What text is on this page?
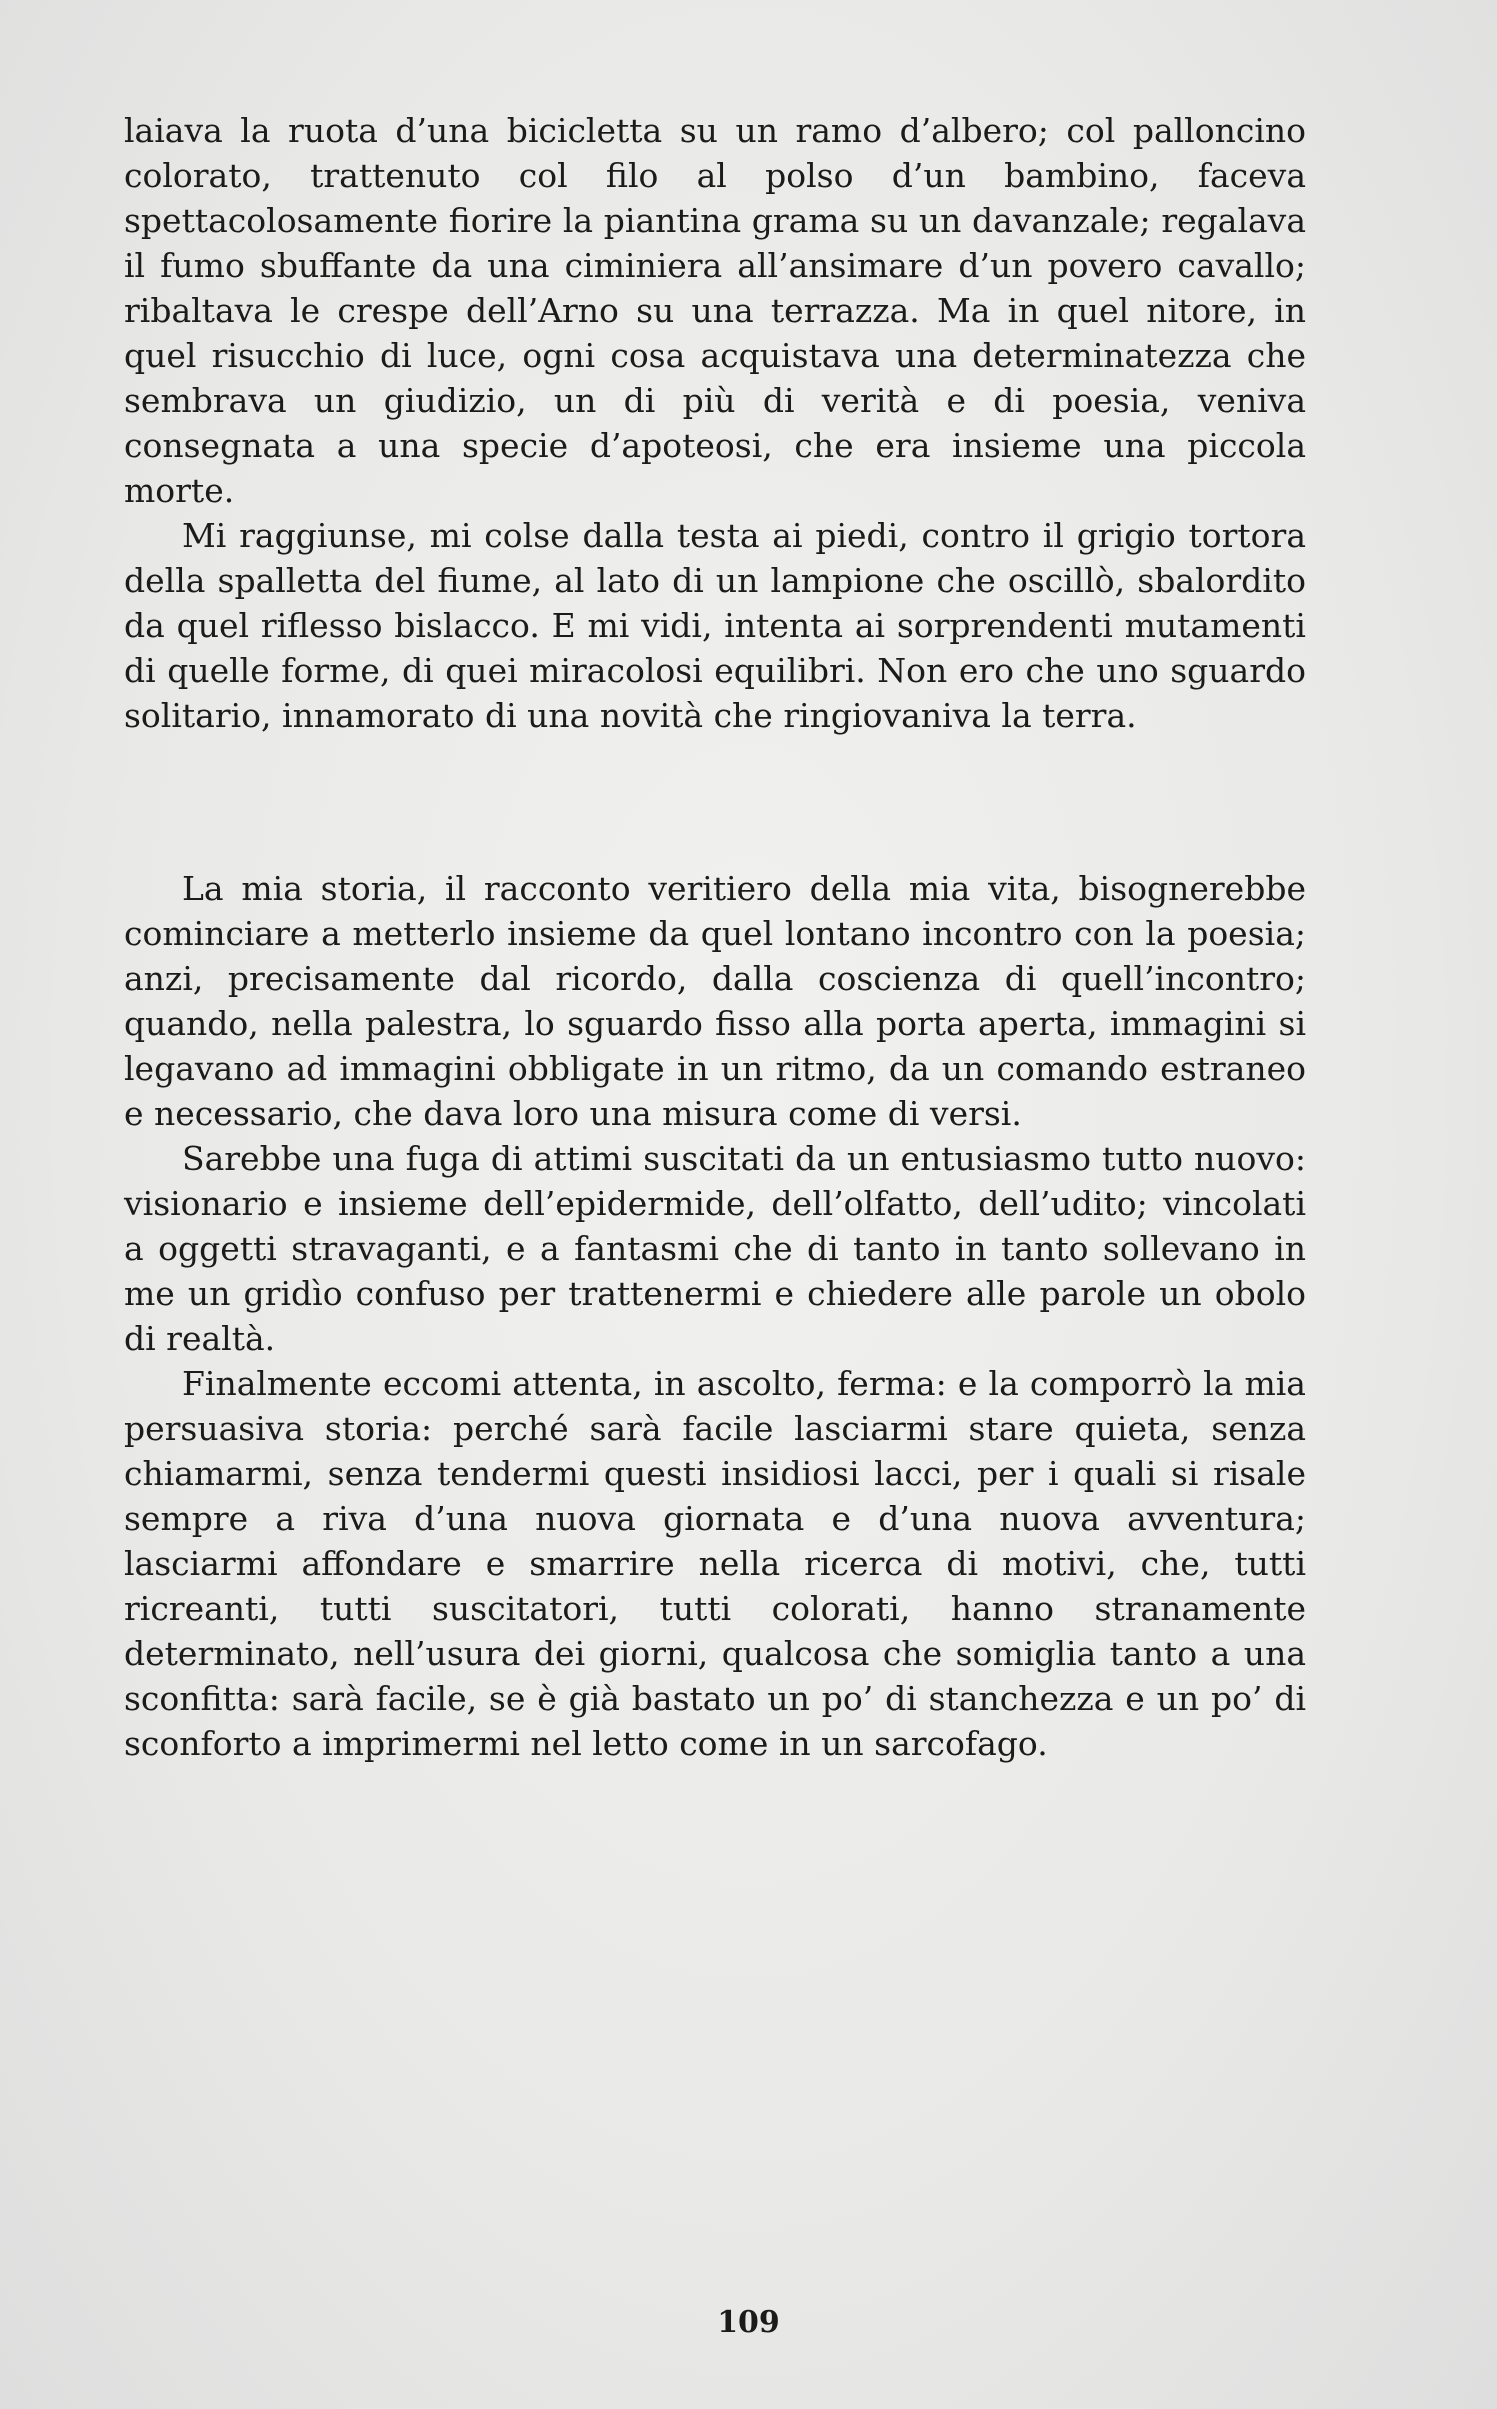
laiava la ruota d’una bicicletta su un ramo d’albero; col palloncino colorato, trattenuto col filo al polso d’un bambino, faceva spettacolosamente fiorire la piantina grama su un davanzale; regalava il fumo sbuffante da una ciminiera all’ansimare d’un povero cavallo; ribaltava le crespe dell’Arno su una terrazza. Ma in quel nitore, in quel risucchio di luce, ogni cosa acquistava una determinatezza che sembrava un giudizio, un di più di verità e di poesia, veniva consegnata a una specie d’apoteosi, che era insieme una piccola morte.

Mi raggiunse, mi colse dalla testa ai piedi, contro il grigio tortora della spalletta del fiume, al lato di un lampione che oscillò, sbalordito da quel riflesso bislacco. E mi vidi, intenta ai sorprendenti mutamenti di quelle forme, di quei miracolosi equilibri. Non ero che uno sguardo solitario, innamorato di una novità che ringiovaniva la terra.

La mia storia, il racconto veritiero della mia vita, bisognerebbe cominciare a metterlo insieme da quel lontano incontro con la poesia; anzi, precisamente dal ricordo, dalla coscienza di quell’incontro; quando, nella palestra, lo sguardo fisso alla porta aperta, immagini si legavano ad immagini obbligate in un ritmo, da un comando estraneo e necessario, che dava loro una misura come di versi.

Sarebbe una fuga di attimi suscitati da un entusiasmo tutto nuovo: visionario e insieme dell’epidermide, dell’olfatto, dell’udito; vincolati a oggetti stravaganti, e a fantasmi che di tanto in tanto sollevano in me un gridìo confuso per trattenermi e chiedere alle parole un obolo di realtà.

Finalmente eccomi attenta, in ascolto, ferma: e la comporrò la mia persuasiva storia: perché sarà facile lasciarmi stare quieta, senza chiamarmi, senza tendermi questi insidiosi lacci, per i quali si risale sempre a riva d’una nuova giornata e d’una nuova avventura; lasciarmi affondare e smarrire nella ricerca di motivi, che, tutti ricreanti, tutti suscitatori, tutti colorati, hanno stranamente determinato, nell’usura dei giorni, qualcosa che somiglia tanto a una sconfitta: sarà facile, se è già bastato un po’ di stanchezza e un po’ di sconforto a imprimermi nel letto come in un sarcofago.

109
